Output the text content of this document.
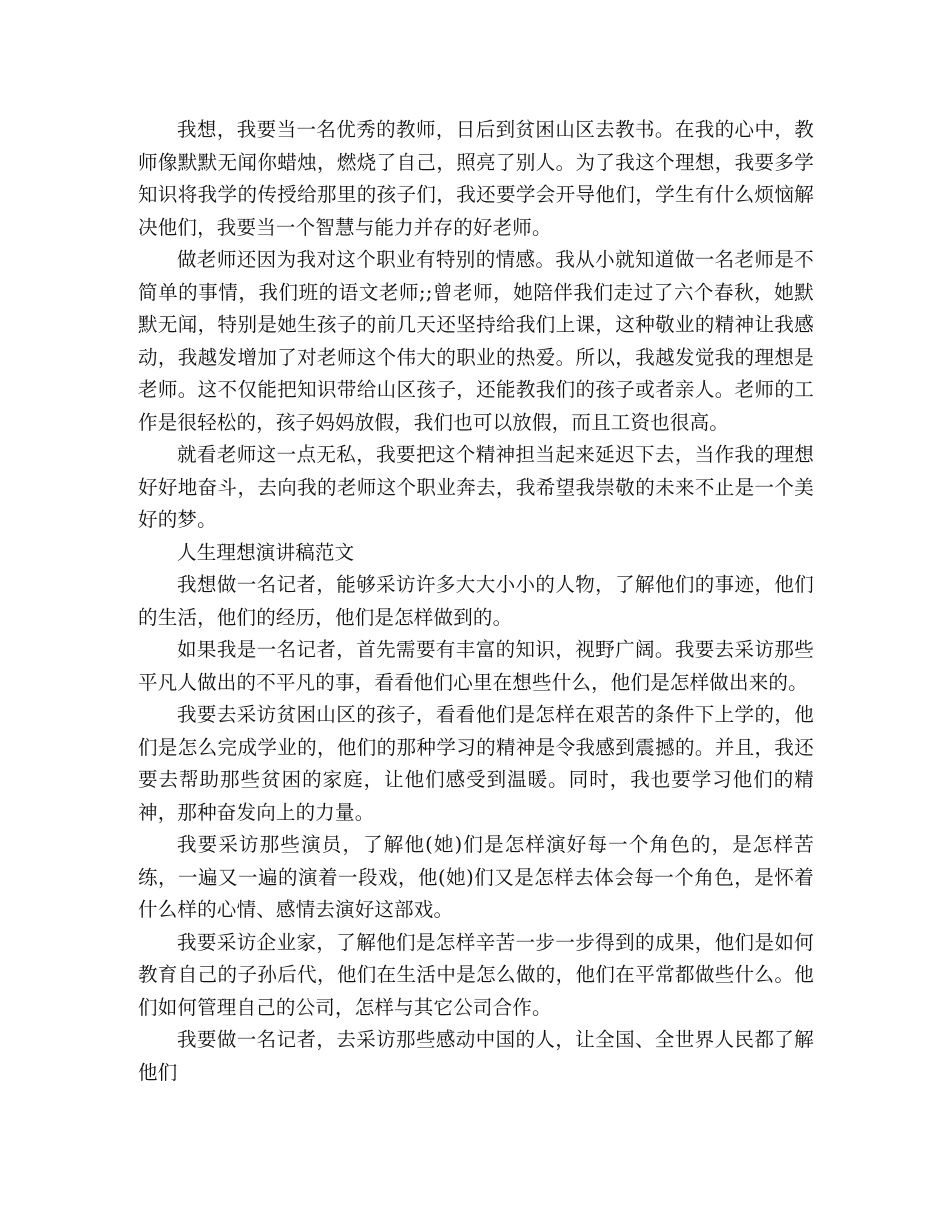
我想，我要当一名优秀的教师，日后到贫困山区去教书。在我的心中，教师像默默无闻你蜡烛，燃烧了自己，照亮了别人。为了我这个理想，我要多学知识将我学的传授给那里的孩子们，我还要学会开导他们，学生有什么烦恼解决他们，我要当一个智慧与能力并存的好老师。

做老师还因为我对这个职业有特别的情感。我从小就知道做一名老师是不简单的事情，我们班的语文老师;;曾老师，她陪伴我们走过了六个春秋，她默默无闻，特别是她生孩子的前几天还坚持给我们上课，这种敬业的精神让我感动，我越发增加了对老师这个伟大的职业的热爱。所以，我越发觉我的理想是老师。这不仅能把知识带给山区孩子，还能教我们的孩子或者亲人。老师的工作是很轻松的，孩子妈妈放假，我们也可以放假，而且工资也很高。

就看老师这一点无私，我要把这个精神担当起来延迟下去，当作我的理想好好地奋斗，去向我的老师这个职业奔去，我希望我崇敬的未来不止是一个美好的梦。

人生理想演讲稿范文

我想做一名记者，能够采访许多大大小小的人物，了解他们的事迹，他们的生活，他们的经历，他们是怎样做到的。

如果我是一名记者，首先需要有丰富的知识，视野广阔。我要去采访那些平凡人做出的不平凡的事，看看他们心里在想些什么，他们是怎样做出来的。

我要去采访贫困山区的孩子，看看他们是怎样在艰苦的条件下上学的，他们是怎么完成学业的，他们的那种学习的精神是令我感到震撼的。并且，我还要去帮助那些贫困的家庭，让他们感受到温暖。同时，我也要学习他们的精神，那种奋发向上的力量。

我要采访那些演员，了解他(她)们是怎样演好每一个角色的，是怎样苦练，一遍又一遍的演着一段戏，他(她)们又是怎样去体会每一个角色，是怀着什么样的心情、感情去演好这部戏。

我要采访企业家，了解他们是怎样辛苦一步一步得到的成果，他们是如何教育自己的子孙后代，他们在生活中是怎么做的，他们在平常都做些什么。他们如何管理自己的公司，怎样与其它公司合作。

我要做一名记者，去采访那些感动中国的人，让全国、全世界人民都了解他们
